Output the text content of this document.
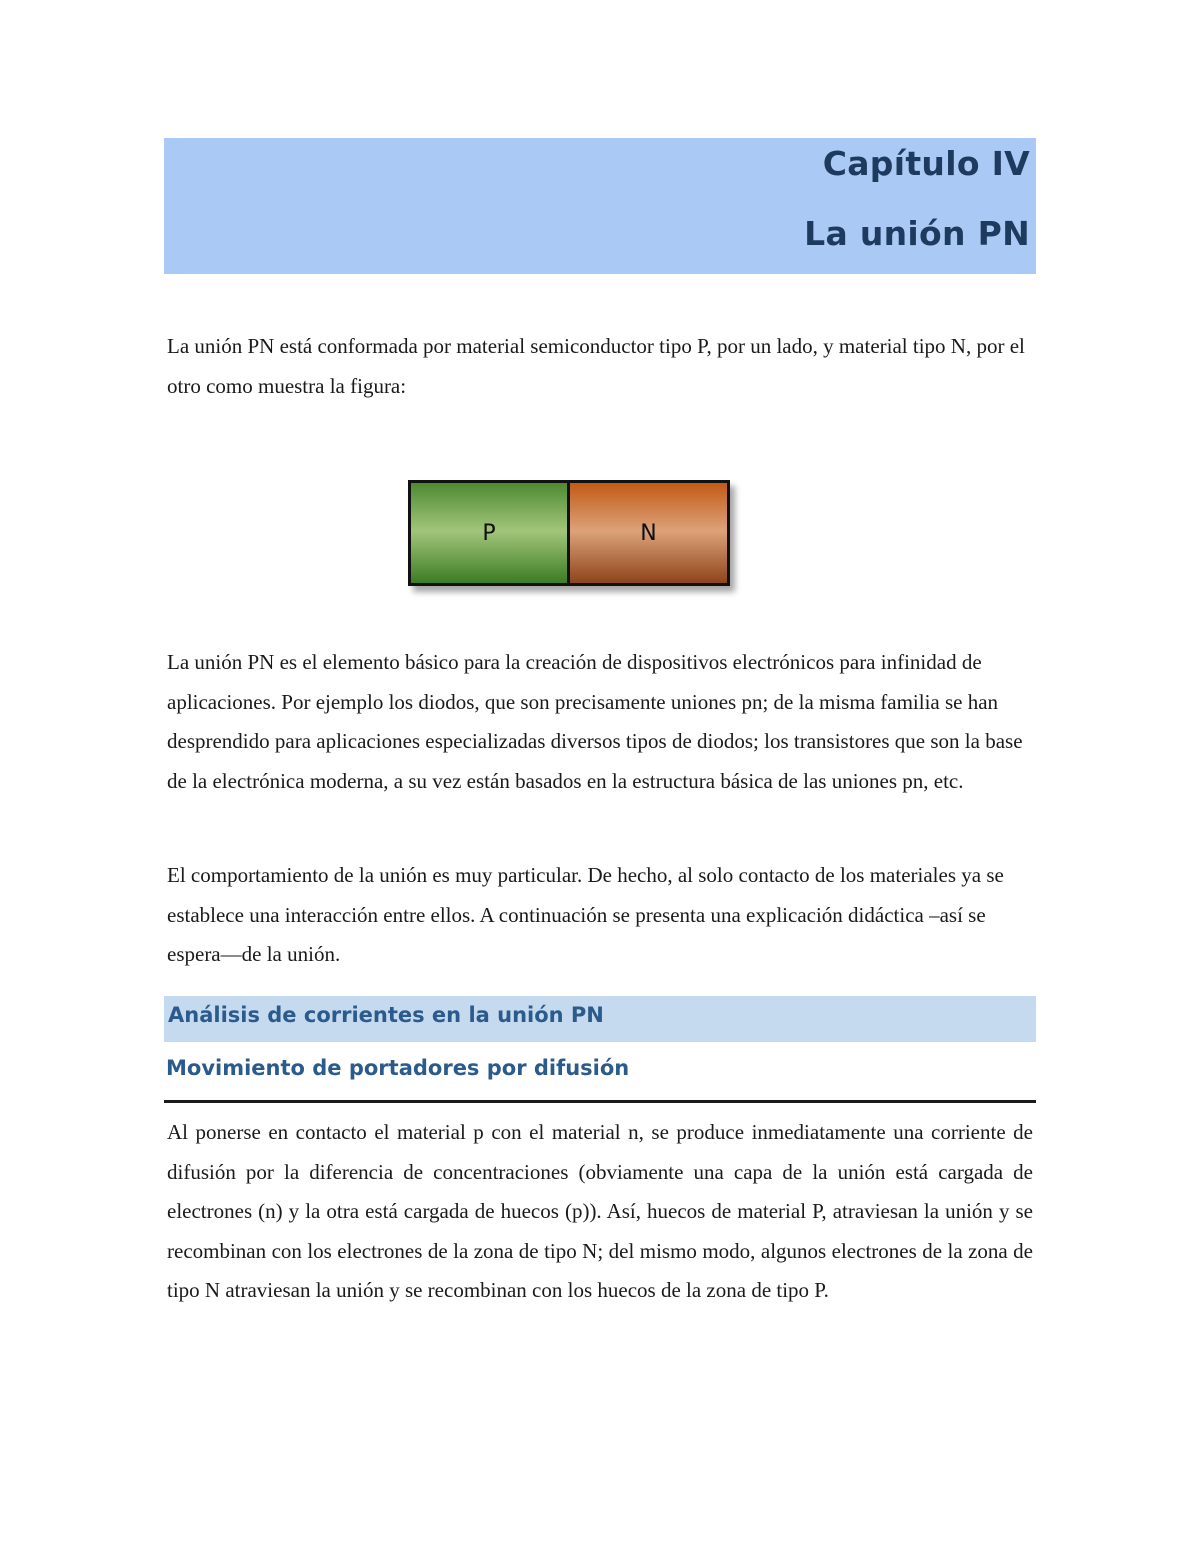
Capítulo IV
La unión PN

La unión PN está conformada por material semiconductor tipo P, por un lado, y material tipo N, por el otro como muestra la figura:

P	N

La unión PN es el elemento básico para la creación de dispositivos electrónicos para infinidad de aplicaciones. Por ejemplo los diodos, que son precisamente uniones pn; de la misma familia se han desprendido para aplicaciones especializadas diversos tipos de diodos; los transistores que son la base de la electrónica moderna, a su vez están basados en la estructura básica de las uniones pn, etc.

El comportamiento de la unión es muy particular. De hecho, al solo contacto de los materiales ya se establece una interacción entre ellos. A continuación se presenta una explicación didáctica –así se espera—de la unión.

Análisis de corrientes en la unión PN
Movimiento de portadores por difusión

Al ponerse en contacto el material p con el material n, se produce inmediatamente una corriente de difusión por la diferencia de concentraciones (obviamente una capa de la unión está cargada de electrones (n) y la otra está cargada de huecos (p)). Así, huecos de material P, atraviesan la unión y se recombinan con los electrones de la zona de tipo N; del mismo modo, algunos electrones de la zona de tipo N atraviesan la unión y se recombinan con los huecos de la zona de tipo P.
